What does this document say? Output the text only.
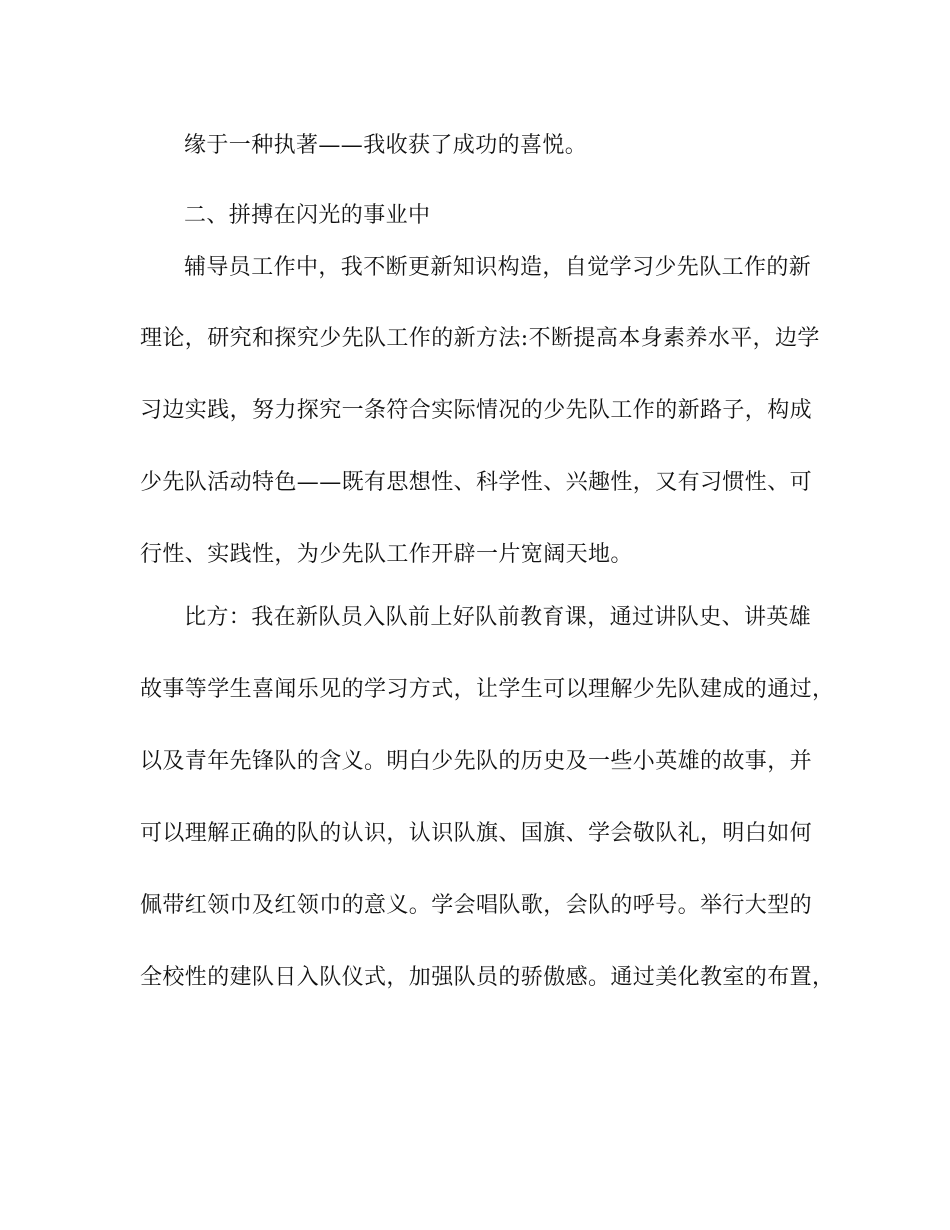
缘于一种执著——我收获了成功的喜悦。
二、拼搏在闪光的事业中
辅导员工作中，我不断更新知识构造，自觉学习少先队工作的新
理论，研究和探究少先队工作的新方法:不断提高本身素养水平，边学
习边实践，努力探究一条符合实际情况的少先队工作的新路子，构成
少先队活动特色——既有思想性、科学性、兴趣性，又有习惯性、可
行性、实践性，为少先队工作开辟一片宽阔天地。
比方：我在新队员入队前上好队前教育课，通过讲队史、讲英雄
故事等学生喜闻乐见的学习方式，让学生可以理解少先队建成的通过，
以及青年先锋队的含义。明白少先队的历史及一些小英雄的故事，并
可以理解正确的队的认识，认识队旗、国旗、学会敬队礼，明白如何
佩带红领巾及红领巾的意义。学会唱队歌，会队的呼号。举行大型的
全校性的建队日入队仪式，加强队员的骄傲感。通过美化教室的布置，
